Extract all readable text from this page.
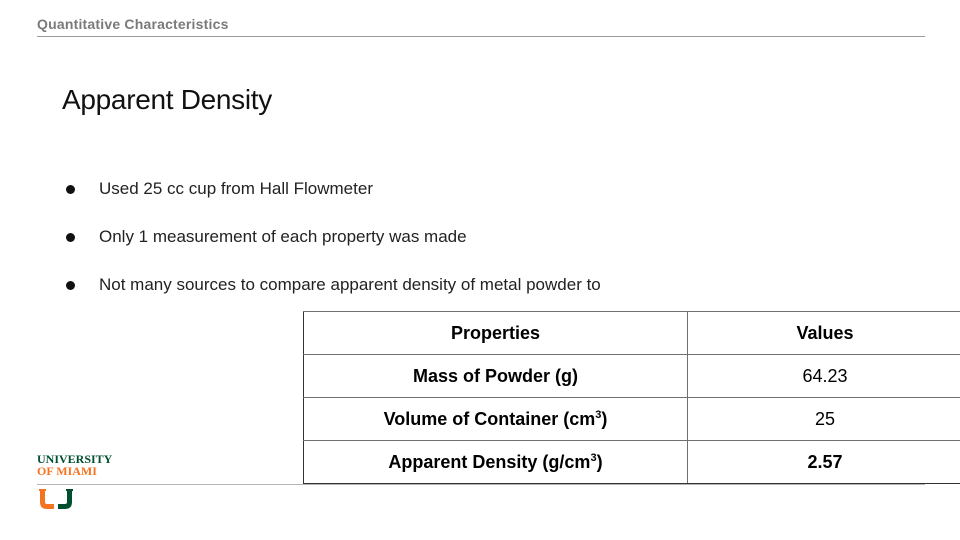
Quantitative Characteristics
Apparent Density
Used 25 cc cup from Hall Flowmeter
Only 1 measurement of each property was made
Not many sources to compare apparent density of metal powder to
Properties	Values
Mass of Powder (g)	64.23
Volume of Container $(cm^3)$	25
Apparent Density $(g/cm^3)$	2.57
UNIVERSITY
OF MIAMI
